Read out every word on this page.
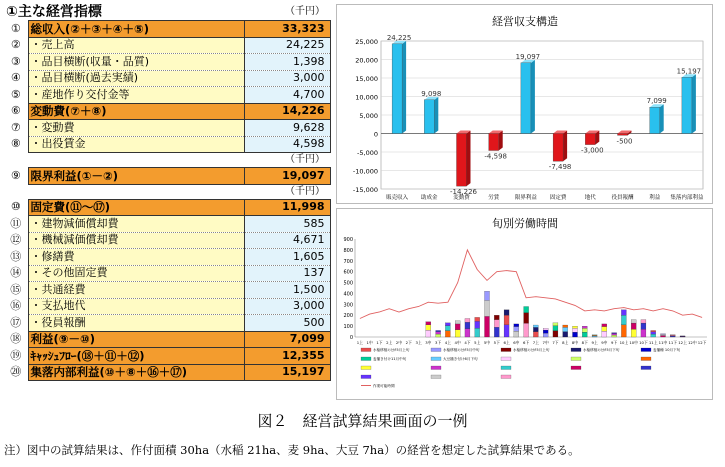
①主な経営指標		（千円）
①	総収入(②＋③＋④＋⑤)	33,323
②	・売上高	24,225
③	・品目横断(収量・品質)	1,398
④	・品目横断(過去実績)	3,000
⑤	・産地作り交付金等	4,700
⑥	変動費(⑦＋⑧)	14,226
⑦	・変動費	9,628
⑧	・出役賃金	4,598
		（千円）
⑨	限界利益(①－②)	19,097
		（千円）
⑩	固定費(⑪～⑰)	11,998
⑪	・建物減価償却費	585
⑫	・機械減価償却費	4,671
⑬	・修繕費	1,605
⑭	・その他固定費	137
⑮	・共通経費	1,500
⑯	・支払地代	3,000
⑰	・役員報酬	500
⑱	利益(⑨－⑩)	7,099
⑲	ｷｬｯｼｭﾌﾛｰ(⑱＋⑪＋⑫)	12,355
⑳	集落内部利益(⑩＋⑧＋⑯＋⑰)	15,197
経営収支構造
25,000
20,000
15,000
10,000
5,000
0
-5,000
-10,000
-15,000
24,225
販売収入
9,098
助成金
-14,226
変動費
-4,598
労賃
19,097
限界利益
-7,498
固定費
-3,000
地代
-500
役員報酬
7,099
利益
15,197
集落内部利益
旬別労働時間
900
800
700
600
500
400
300
200
100
0
1上 1中 1下 2上 2中 2下 3上 3中 3下 4上 4中 4下 5上 5中 5下 6上 6中 6下 7上 7中 7下 8上 8中 8下 9上 9中 9下 10上 10中 10下 11上 11中 11下 12上 12中 12下
水稲移植ｺｼﾋｶﾘ5月上旬	水稲移植ｺｼﾋｶﾘ5月中旬	水稲移植ｺｼﾋｶﾘ5月上旬	水稲移植ｺｼﾋｶﾘ5月下旬	麦播種 10月下旬
麦播き付け11月中旬	大豆播き付け6月下旬
作業可能時間
図２　経営試算結果画面の一例
注）図中の試算結果は、作付面積 30ha（水稲 21ha、麦 9ha、大豆 7ha）の経営を想定した試算結果である。
